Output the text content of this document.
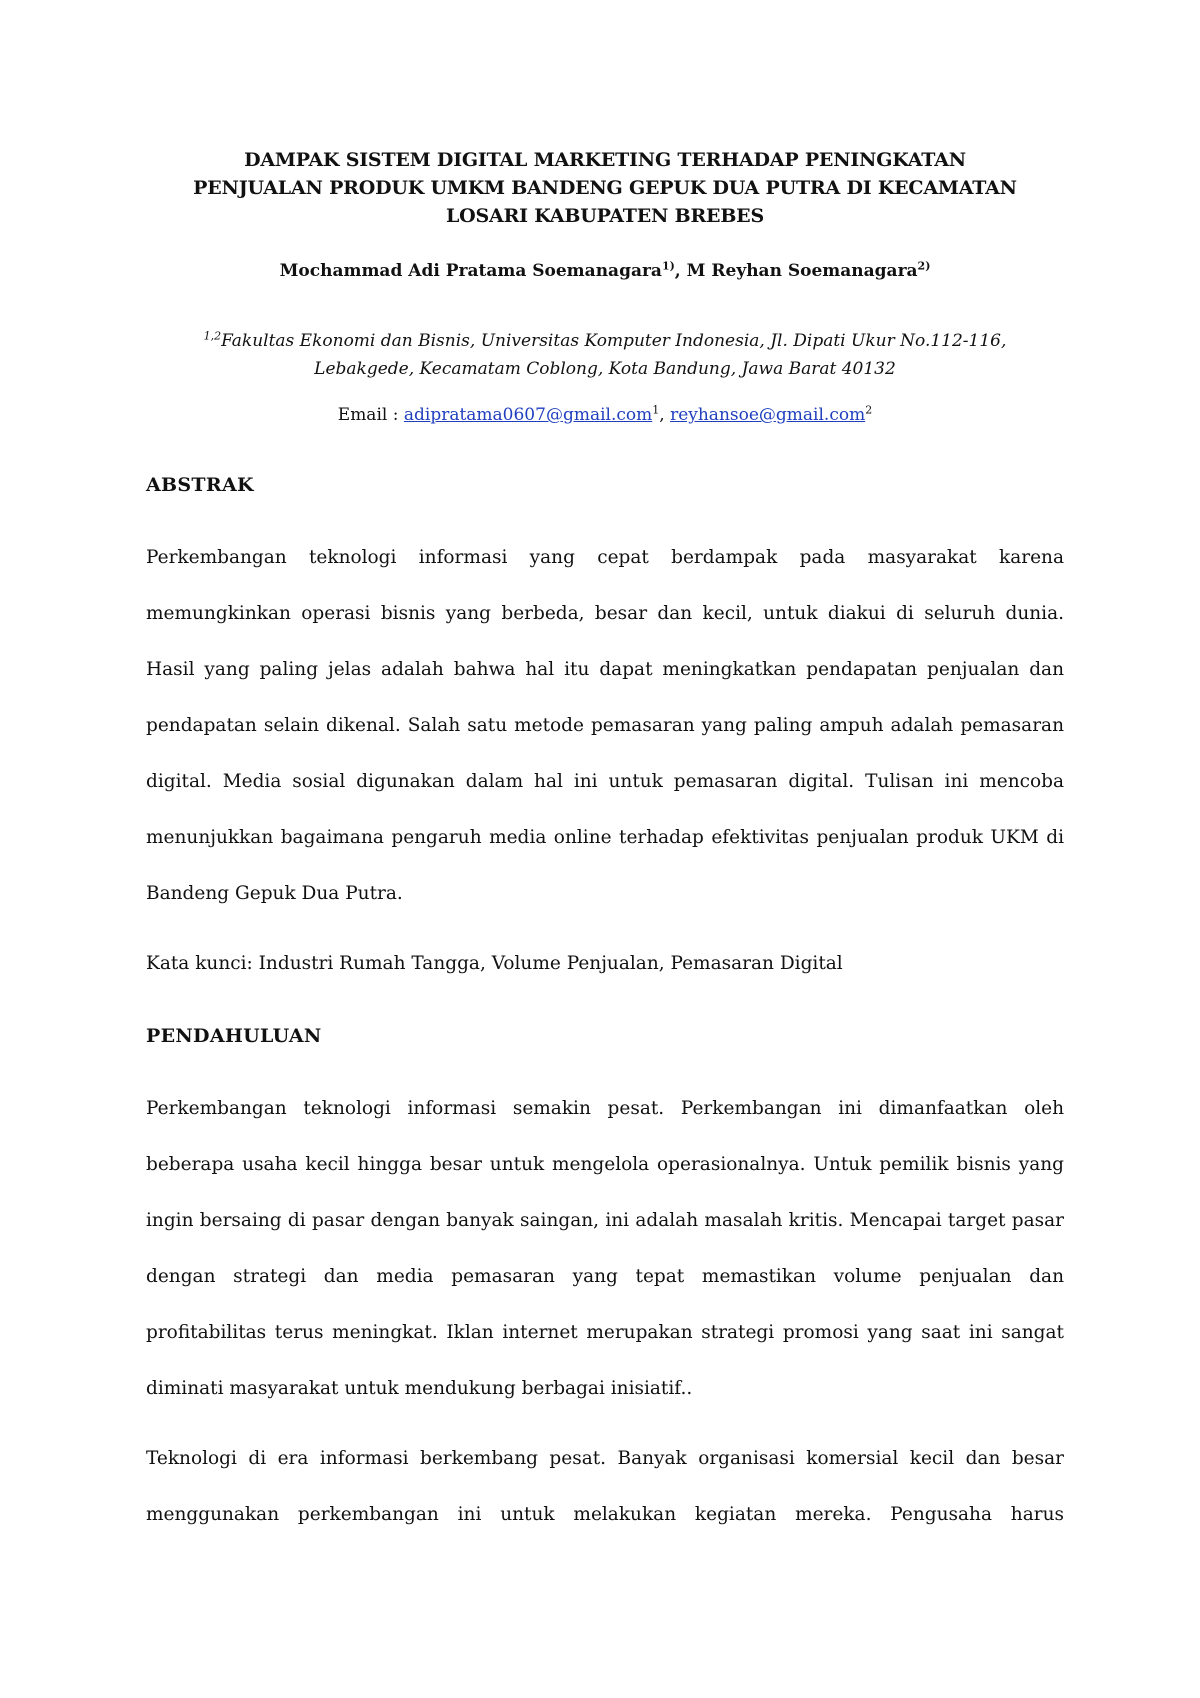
DAMPAK SISTEM DIGITAL MARKETING TERHADAP PENINGKATAN
PENJUALAN PRODUK UMKM BANDENG GEPUK DUA PUTRA DI KECAMATAN
LOSARI KABUPATEN BREBES

Mochammad Adi Pratama Soemanagara$^{1)}$, M Reyhan Soemanagara$^{2)}$

$^{1,2}$Fakultas Ekonomi dan Bisnis, Universitas Komputer Indonesia, Jl. Dipati Ukur No.112-116,
Lebakgede, Kecamatam Coblong, Kota Bandung, Jawa Barat 40132

Email : adipratama0607@gmail.com$^1$, reyhansoe@gmail.com$^2$

ABSTRAK

Perkembangan teknologi informasi yang cepat berdampak pada masyarakat karena memungkinkan operasi bisnis yang berbeda, besar dan kecil, untuk diakui di seluruh dunia. Hasil yang paling jelas adalah bahwa hal itu dapat meningkatkan pendapatan penjualan dan pendapatan selain dikenal. Salah satu metode pemasaran yang paling ampuh adalah pemasaran digital. Media sosial digunakan dalam hal ini untuk pemasaran digital. Tulisan ini mencoba menunjukkan bagaimana pengaruh media online terhadap efektivitas penjualan produk UKM di Bandeng Gepuk Dua Putra.

Kata kunci: Industri Rumah Tangga, Volume Penjualan, Pemasaran Digital

PENDAHULUAN

Perkembangan teknologi informasi semakin pesat. Perkembangan ini dimanfaatkan oleh beberapa usaha kecil hingga besar untuk mengelola operasionalnya. Untuk pemilik bisnis yang ingin bersaing di pasar dengan banyak saingan, ini adalah masalah kritis. Mencapai target pasar dengan strategi dan media pemasaran yang tepat memastikan volume penjualan dan profitabilitas terus meningkat. Iklan internet merupakan strategi promosi yang saat ini sangat diminati masyarakat untuk mendukung berbagai inisiatif..

Teknologi di era informasi berkembang pesat. Banyak organisasi komersial kecil dan besar menggunakan perkembangan ini untuk melakukan kegiatan mereka. Pengusaha harus
